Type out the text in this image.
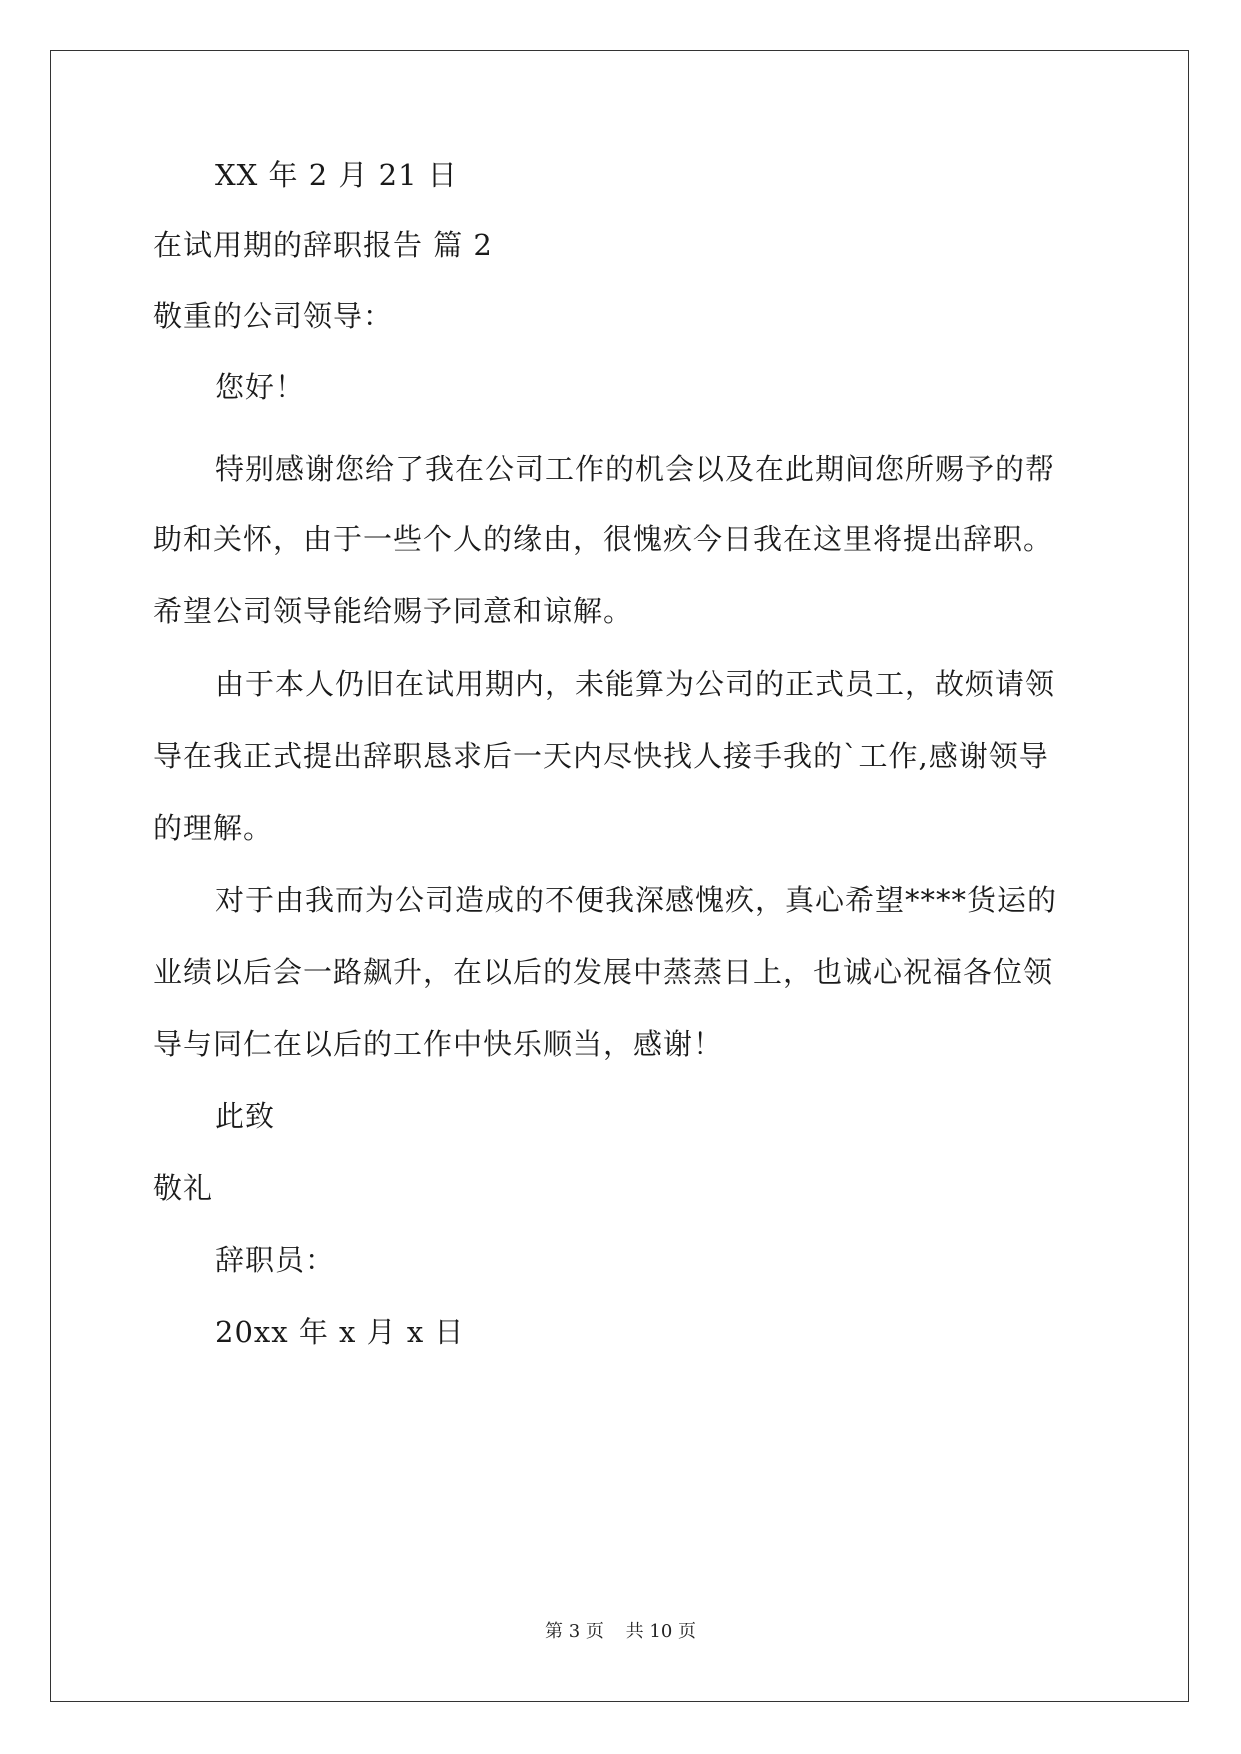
XX 年 2 月 21 日
在试用期的辞职报告 篇 2
敬重的公司领导：
您好！
特别感谢您给了我在公司工作的机会以及在此期间您所赐予的帮
助和关怀，由于一些个人的缘由，很愧疚今日我在这里将提出辞职。
希望公司领导能给赐予同意和谅解。
由于本人仍旧在试用期内，未能算为公司的正式员工，故烦请领
导在我正式提出辞职恳求后一天内尽快找人接手我的`工作,感谢领导
的理解。
对于由我而为公司造成的不便我深感愧疚，真心希望****货运的
业绩以后会一路飙升，在以后的发展中蒸蒸日上，也诚心祝福各位领
导与同仁在以后的工作中快乐顺当，感谢！
此致
敬礼
辞职员：
20xx 年 x 月 x 日
第 3 页 共 10 页
